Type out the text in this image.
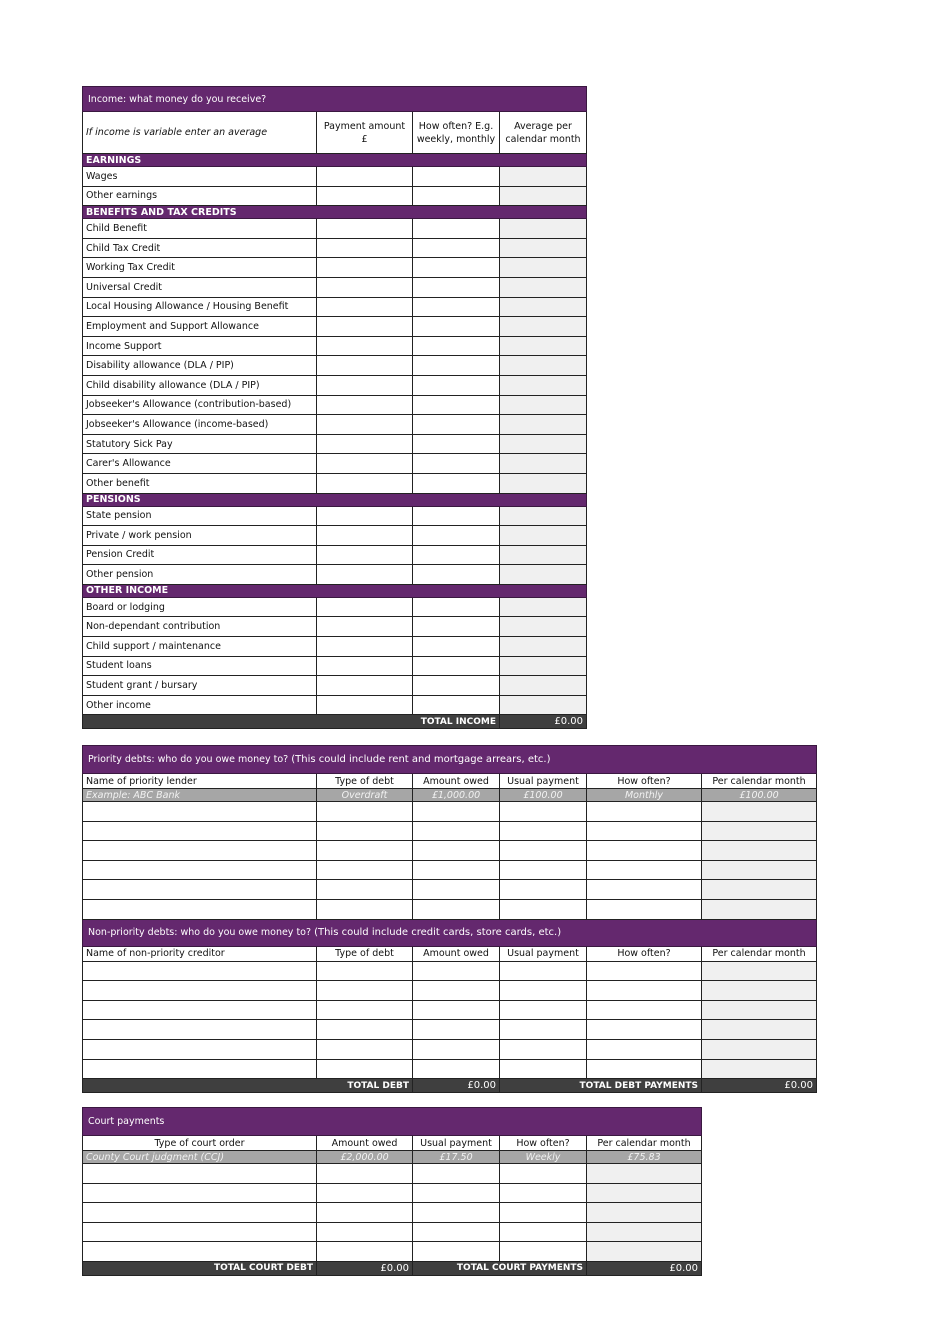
Income: what money do you receive?			
If income is variable enter an average	Payment amount £	How often? E.g. weekly, monthly	Average per calendar month
EARNINGS			
Wages			
Other earnings			
BENEFITS AND TAX CREDITS			
Child Benefit			
Child Tax Credit			
Working Tax Credit			
Universal Credit			
Local Housing Allowance / Housing Benefit			
Employment and Support Allowance			
Income Support			
Disability allowance (DLA / PIP)			
Child disability allowance (DLA / PIP)			
Jobseeker's Allowance (contribution-based)			
Jobseeker's Allowance (income-based)			
Statutory Sick Pay			
Carer's Allowance			
Other benefit			
PENSIONS			
State pension			
Private / work pension			
Pension Credit			
Other pension			
OTHER INCOME			
Board or lodging			
Non-dependant contribution			
Child support / maintenance			
Student loans			
Student grant / bursary			
Other income			
TOTAL INCOME			£0.00
Priority debts: who do you owe money to? (This could include rent and mortgage arrears, etc.)					
Name of priority lender	Type of debt	Amount owed	Usual payment	How often?	Per calendar month
Example: ABC Bank	Overdraft	£1,000.00	£100.00	Monthly	£100.00

Non-priority debts: who do you owe money to? (This could include credit cards, store cards, etc.)					
Name of non-priority creditor	Type of debt	Amount owed	Usual payment	How often?	Per calendar month

TOTAL DEBT		£0.00	TOTAL DEBT PAYMENTS		£0.00
Court payments				
Type of court order	Amount owed	Usual payment	How often?	Per calendar month
County Court judgment (CCJ)	£2,000.00	£17.50	Weekly	£75.83

TOTAL COURT DEBT	£0.00	TOTAL COURT PAYMENTS		£0.00
